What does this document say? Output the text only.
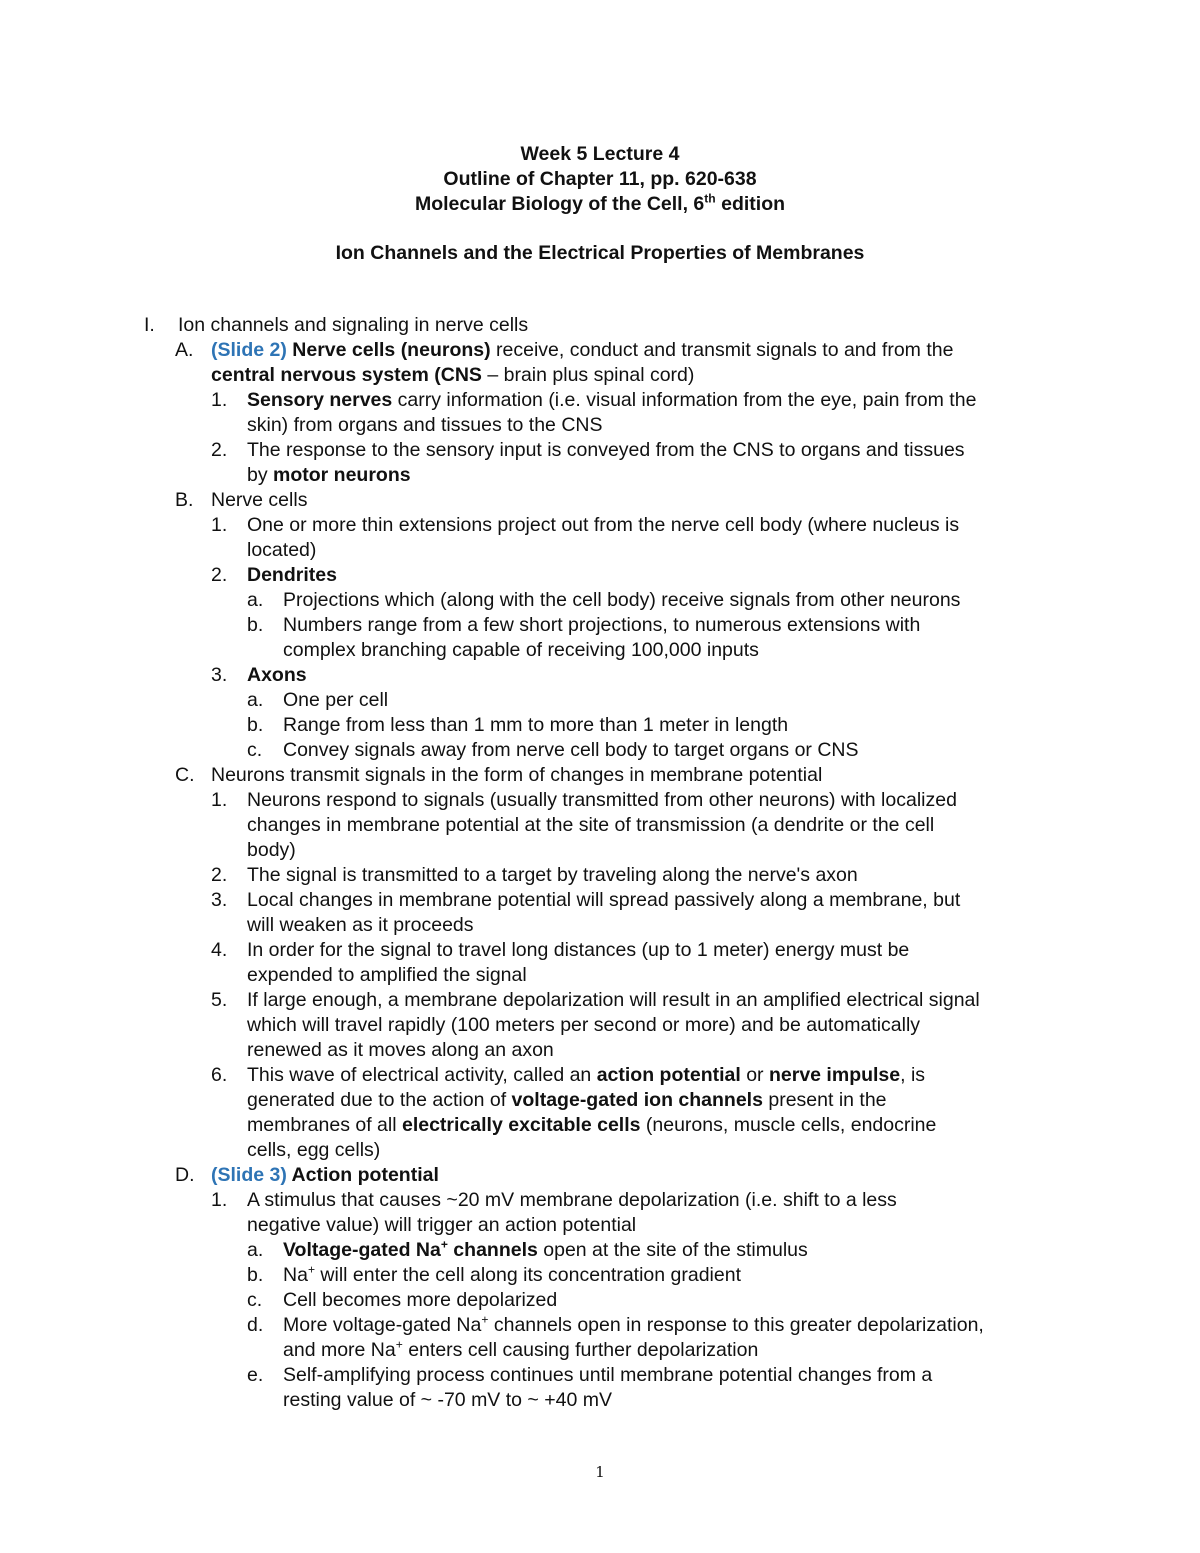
Week 5 Lecture 4
Outline of Chapter 11, pp. 620-638
Molecular Biology of the Cell, 6th edition
Ion Channels and the Electrical Properties of Membranes
I. Ion channels and signaling in nerve cells
A. (Slide 2) Nerve cells (neurons) receive, conduct and transmit signals to and from the
central nervous system (CNS – brain plus spinal cord)
1. Sensory nerves carry information (i.e. visual information from the eye, pain from the
skin) from organs and tissues to the CNS
2. The response to the sensory input is conveyed from the CNS to organs and tissues
by motor neurons
B. Nerve cells
1. One or more thin extensions project out from the nerve cell body (where nucleus is
located)
2. Dendrites
a. Projections which (along with the cell body) receive signals from other neurons
b. Numbers range from a few short projections, to numerous extensions with
complex branching capable of receiving 100,000 inputs
3. Axons
a. One per cell
b. Range from less than 1 mm to more than 1 meter in length
c. Convey signals away from nerve cell body to target organs or CNS
C. Neurons transmit signals in the form of changes in membrane potential
1. Neurons respond to signals (usually transmitted from other neurons) with localized
changes in membrane potential at the site of transmission (a dendrite or the cell
body)
2. The signal is transmitted to a target by traveling along the nerve's axon
3. Local changes in membrane potential will spread passively along a membrane, but
will weaken as it proceeds
4. In order for the signal to travel long distances (up to 1 meter) energy must be
expended to amplified the signal
5. If large enough, a membrane depolarization will result in an amplified electrical signal
which will travel rapidly (100 meters per second or more) and be automatically
renewed as it moves along an axon
6. This wave of electrical activity, called an action potential or nerve impulse, is
generated due to the action of voltage-gated ion channels present in the
membranes of all electrically excitable cells (neurons, muscle cells, endocrine
cells, egg cells)
D. (Slide 3) Action potential
1. A stimulus that causes ~20 mV membrane depolarization (i.e. shift to a less
negative value) will trigger an action potential
a. Voltage-gated Na+ channels open at the site of the stimulus
b. Na+ will enter the cell along its concentration gradient
c. Cell becomes more depolarized
d. More voltage-gated Na+ channels open in response to this greater depolarization,
and more Na+ enters cell causing further depolarization
e. Self-amplifying process continues until membrane potential changes from a
resting value of ~ -70 mV to ~ +40 mV
1
